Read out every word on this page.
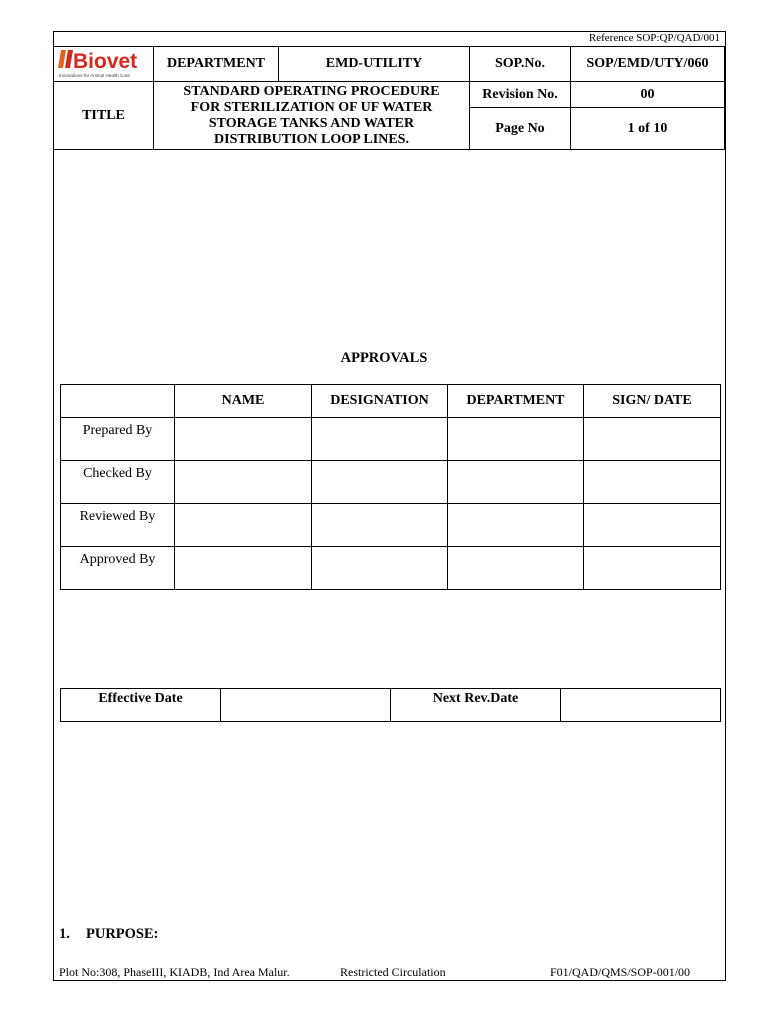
Reference SOP:QP/QAD/001
Biovet
Innovations for Animal Health Care	DEPARTMENT	EMD-UTILITY	SOP.No.	SOP/EMD/UTY/060
TITLE	STANDARD OPERATING PROCEDURE
FOR STERILIZATION OF UF WATER
STORAGE TANKS AND WATER
DISTRIBUTION LOOP LINES.		Revision No.	00
			Page No	1 of 10
APPROVALS
	NAME	DESIGNATION	DEPARTMENT	SIGN/ DATE
Prepared By				
Checked By				
Reviewed By				
Approved By				
Effective Date		Next Rev.Date	
1. PURPOSE:
Plot No:308, PhaseIII, KIADB, Ind Area Malur.	Restricted Circulation	F01/QAD/QMS/SOP-001/00
